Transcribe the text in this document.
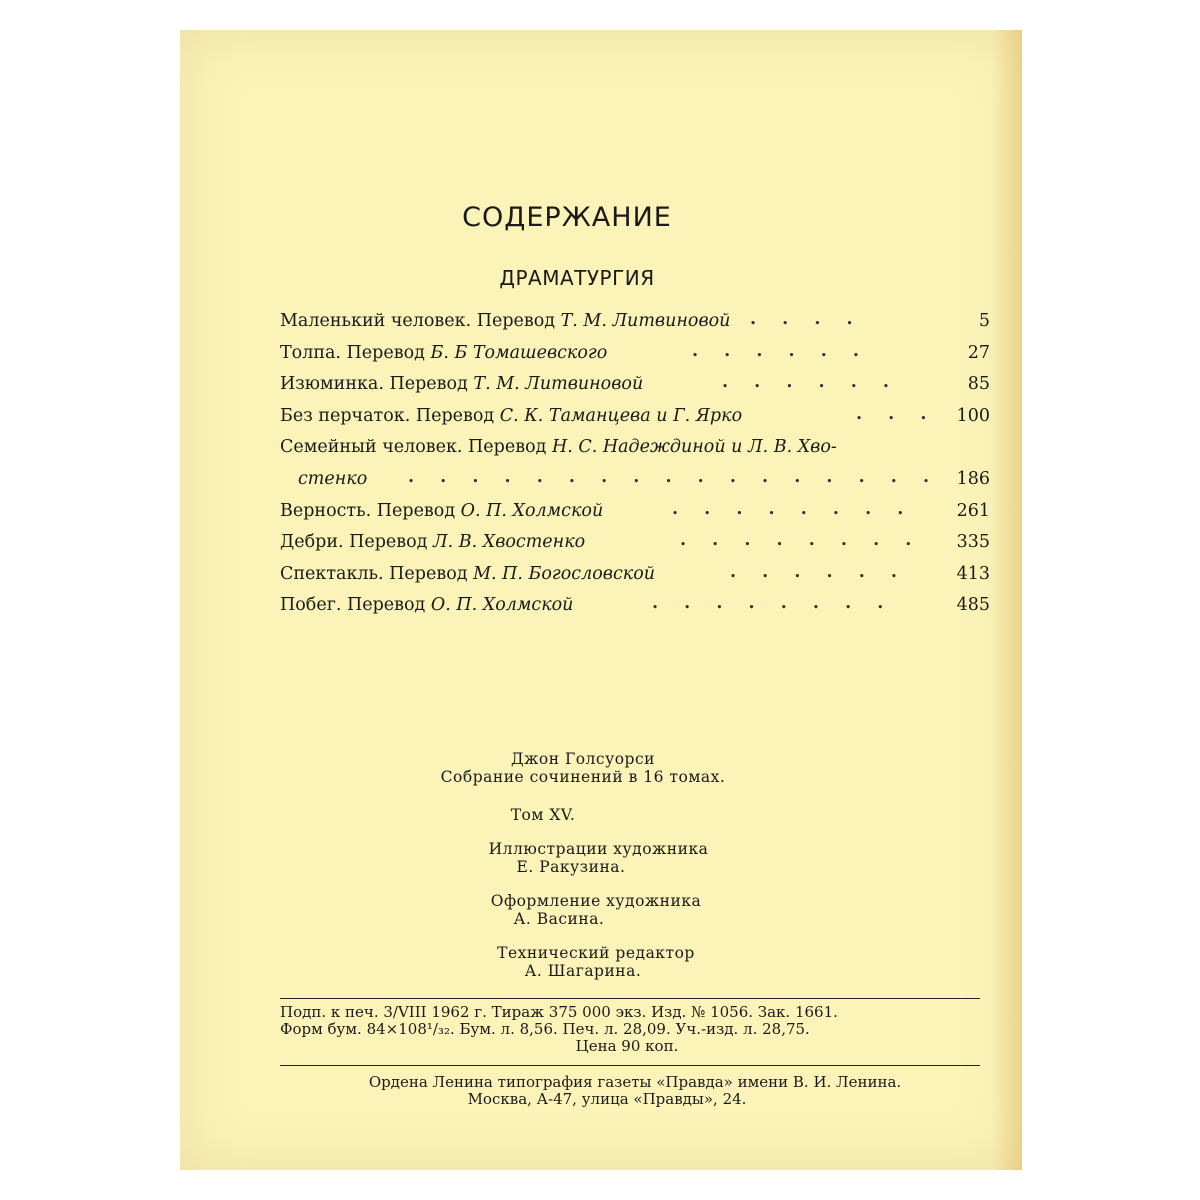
СОДЕРЖАНИЕ
ДРАМАТУРГИЯ
Маленький человек. Перевод Т. М. Литвиновой . . . .	5
Толпа. Перевод Б. Б Томашевского	. . . . . .	27
Изюминка. Перевод Т. М. Литвиновой	. . . . . .	85
Без перчаток. Перевод С. К. Таманцева и Г. Ярко	. . . 100
Семейный человек. Перевод Н. С. Надеждиной и Л. В. Хво-
стенко . . . . . . . . . . . . . . . . . 186
Верность. Перевод О. П. Холмской	. . . . . . . . 261
Дебри. Перевод Л. В. Хвостенко	. . . . . . . . 335
Спектакль. Перевод М. П. Богословской	. . . . . .	413
Побег. Перевод О. П. Холмской	. . . . . . . .	485
Джон Голсуорси
Собрание сочинений в 16 томах.
Том XV.
Иллюстрации художника
Е. Ракузина.
Оформление художника
А. Васина.
Технический редактор
А. Шагарина.
Подп. к печ. 3/VIII 1962 г. Тираж 375 000 экз. Изд. № 1056. Зак. 1661.
Форм бум. 84×108¹/₃₂. Бум. л. 8,56. Печ. л. 28,09. Уч.-изд. л. 28,75.
Цена 90 коп.
Ордена Ленина типография газеты «Правда» имени В. И. Ленина.
Москва, А-47, улица «Правды», 24.
